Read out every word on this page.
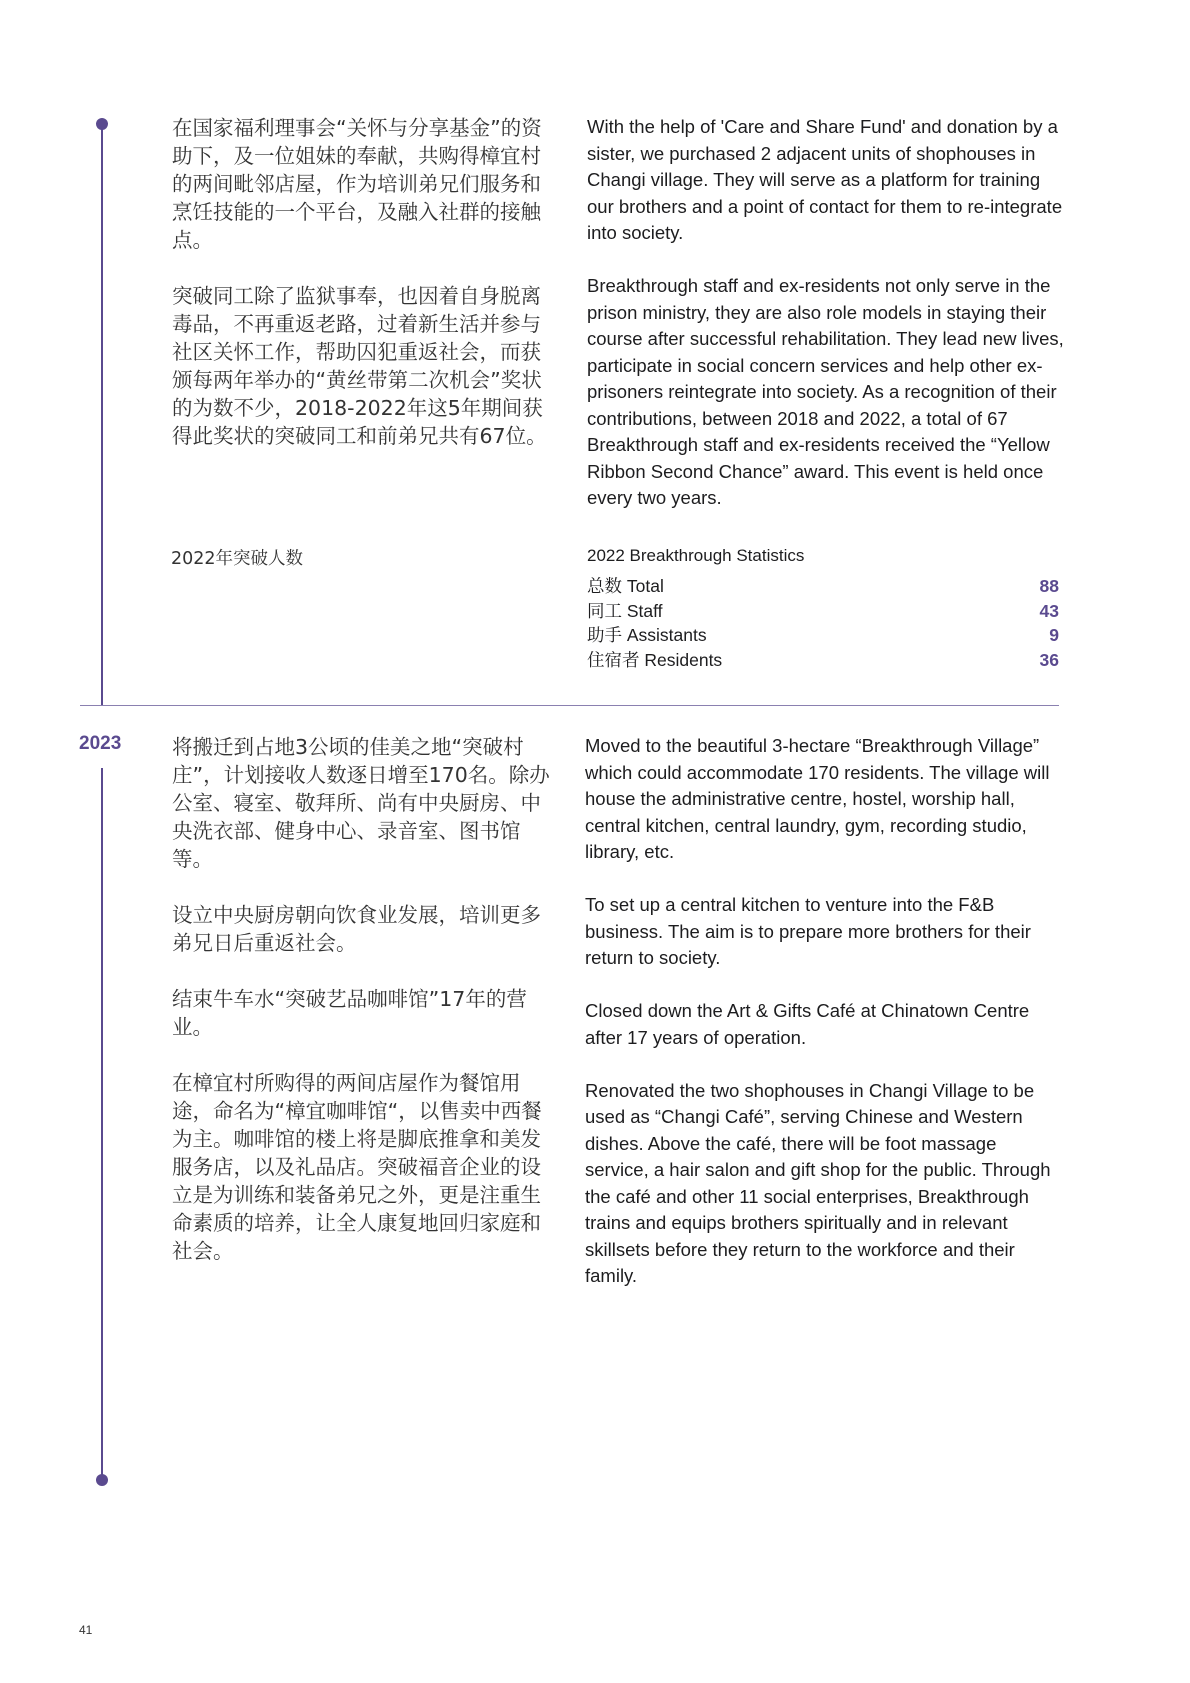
在国家福利理事会“关怀与分享基金”的资助下，及一位姐妹的奉献，共购得樟宜村的两间毗邻店屋，作为培训弟兄们服务和烹饪技能的一个平台，及融入社群的接触点。

突破同工除了监狱事奉，也因着自身脱离毒品，不再重返老路，过着新生活并参与社区关怀工作，帮助囚犯重返社会，而获颁每两年举办的“黄丝带第二次机会”奖状的为数不少，2018-2022年这5年期间获得此奖状的突破同工和前弟兄共有67位。

With the help of 'Care and Share Fund' and donation by a sister, we purchased 2 adjacent units of shophouses in Changi village. They will serve as a platform for training our brothers and a point of contact for them to re-integrate into society.

Breakthrough staff and ex-residents not only serve in the prison ministry, they are also role models in staying their course after successful rehabilitation. They lead new lives, participate in social concern services and help other ex-prisoners reintegrate into society. As a recognition of their contributions, between 2018 and 2022, a total of 67 Breakthrough staff and ex-residents received the “Yellow Ribbon Second Chance” award. This event is held once every two years.

2022年突破人数	2022 Breakthrough Statistics
总数 Total	88
同工 Staff	43
助手 Assistants	9
住宿者 Residents	36
2023 将搬迁到占地3公顷的佳美之地“突破村庄”，计划接收人数逐日增至170名。除办公室、寝室、敬拜所、尚有中央厨房、中央洗衣部、健身中心、录音室、图书馆等。

设立中央厨房朝向饮食业发展，培训更多弟兄日后重返社会。

结束牛车水“突破艺品咖啡馆”17年的营业。

在樟宜村所购得的两间店屋作为餐馆用途，命名为“樟宜咖啡馆“，以售卖中西餐为主。咖啡馆的楼上将是脚底推拿和美发服务店，以及礼品店。突破福音企业的设立是为训练和装备弟兄之外，更是注重生命素质的培养，让全人康复地回归家庭和社会。

Moved to the beautiful 3-hectare “Breakthrough Village” which could accommodate 170 residents. The village will house the administrative centre, hostel, worship hall, central kitchen, central laundry, gym, recording studio, library, etc.

To set up a central kitchen to venture into the F&B business. The aim is to prepare more brothers for their return to society.

Closed down the Art & Gifts Café at Chinatown Centre after 17 years of operation.

Renovated the two shophouses in Changi Village to be used as “Changi Café”, serving Chinese and Western dishes. Above the café, there will be foot massage service, a hair salon and gift shop for the public. Through the café and other 11 social enterprises, Breakthrough trains and equips brothers spiritually and in relevant skillsets before they return to the workforce and their family.

41
